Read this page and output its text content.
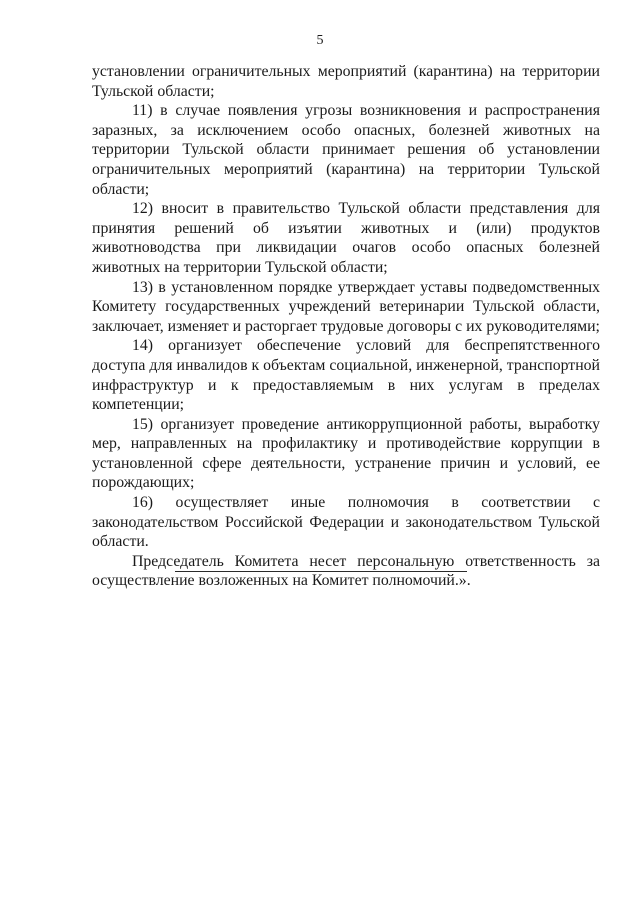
5

установлении ограничительных мероприятий (карантина) на территории Тульской области;

11) в случае появления угрозы возникновения и распространения заразных, за исключением особо опасных, болезней животных на территории Тульской области принимает решения об установлении ограничительных мероприятий (карантина) на территории Тульской области;

12) вносит в правительство Тульской области представления для принятия решений об изъятии животных и (или) продуктов животноводства при ликвидации очагов особо опасных болезней животных на территории Тульской области;

13) в установленном порядке утверждает уставы подведомственных Комитету государственных учреждений ветеринарии Тульской области, заключает, изменяет и расторгает трудовые договоры с их руководителями;

14) организует обеспечение условий для беспрепятственного доступа для инвалидов к объектам социальной, инженерной, транспортной инфраструктур и к предоставляемым в них услугам в пределах компетенции;

15) организует проведение антикоррупционной работы, выработку мер, направленных на профилактику и противодействие коррупции в установленной сфере деятельности, устранение причин и условий, ее порождающих;

16) осуществляет иные полномочия в соответствии с законодательством Российской Федерации и законодательством Тульской области.

Председатель Комитета несет персональную ответственность за осуществление возложенных на Комитет полномочий.».
